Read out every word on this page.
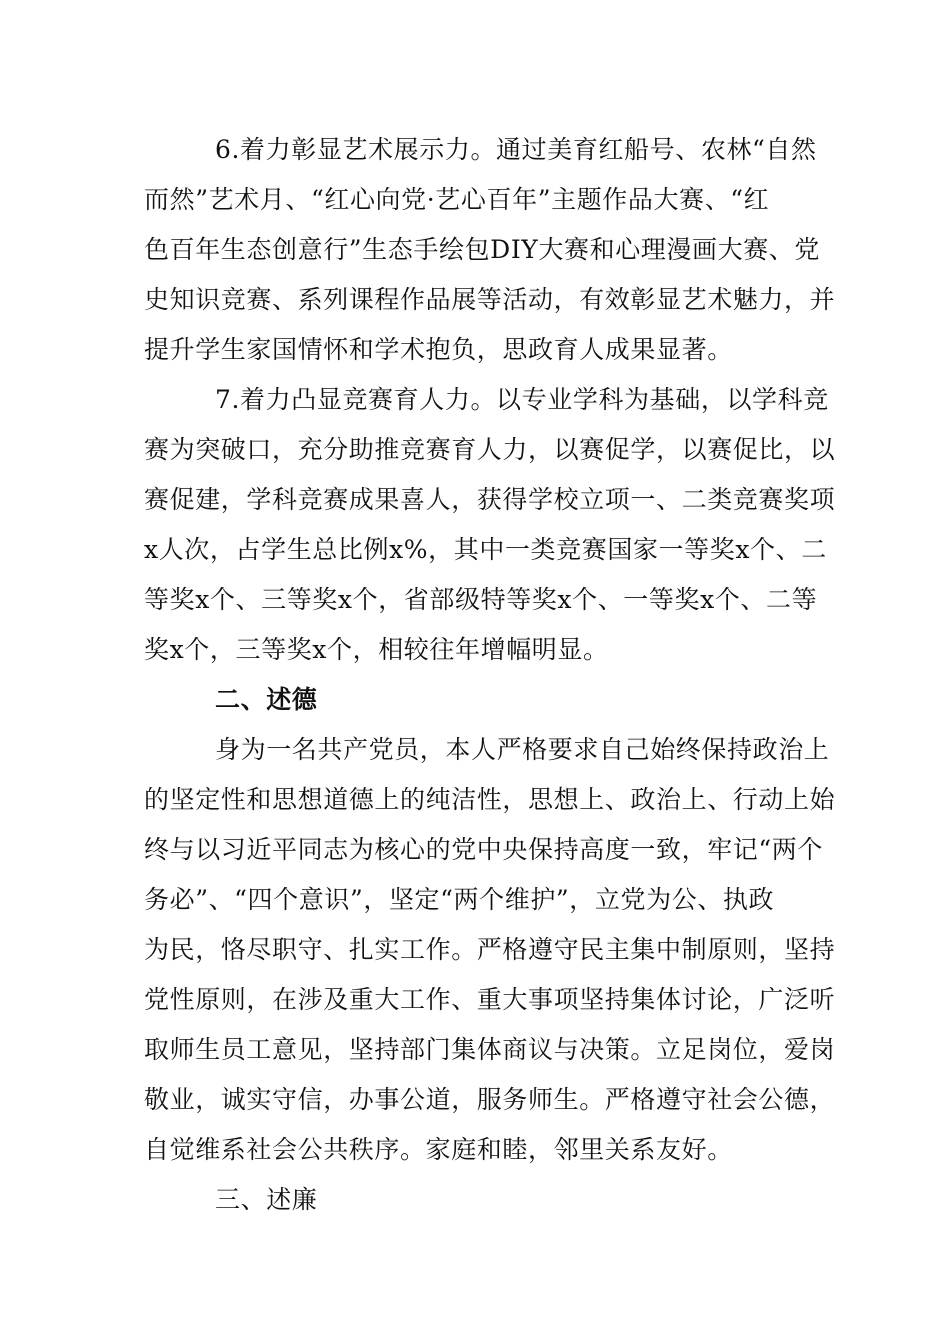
6.着力彰显艺术展示力。通过美育红船号、农林“自然
而然”艺术月、“红心向党·艺心百年”主题作品大赛、“红
色百年生态创意行”生态手绘包DIY大赛和心理漫画大赛、党
史知识竞赛、系列课程作品展等活动，有效彰显艺术魅力，并
提升学生家国情怀和学术抱负，思政育人成果显著。
7.着力凸显竞赛育人力。以专业学科为基础，以学科竞
赛为突破口，充分助推竞赛育人力，以赛促学，以赛促比，以
赛促建，学科竞赛成果喜人，获得学校立项一、二类竞赛奖项
x人次，占学生总比例x%，其中一类竞赛国家一等奖x个、二
等奖x个、三等奖x个，省部级特等奖x个、一等奖x个、二等
奖x个，三等奖x个，相较往年增幅明显。
二、述德
身为一名共产党员，本人严格要求自己始终保持政治上
的坚定性和思想道德上的纯洁性，思想上、政治上、行动上始
终与以习近平同志为核心的党中央保持高度一致，牢记“两个
务必”、“四个意识”，坚定“两个维护”，立党为公、执政
为民，恪尽职守、扎实工作。严格遵守民主集中制原则，坚持
党性原则，在涉及重大工作、重大事项坚持集体讨论，广泛听
取师生员工意见，坚持部门集体商议与决策。立足岗位，爱岗
敬业，诚实守信，办事公道，服务师生。严格遵守社会公德，
自觉维系社会公共秩序。家庭和睦，邻里关系友好。
三、述廉
